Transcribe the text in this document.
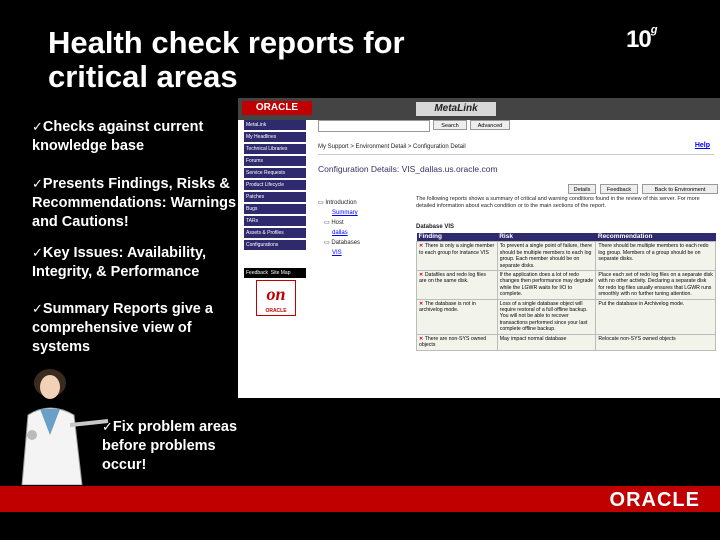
Health check reports for critical areas
10$^g$
✓Checks against current knowledge base
✓Presents Findings, Risks & Recommendations: Warnings and Cautions!
✓Key Issues: Availability, Integrity, & Performance
✓Summary Reports give a comprehensive view of systems
✓Fix problem areas before problems occur!
ORACLE	MetaLink
MetaLink
My Headlines
Technical Libraries
Forums
Service Requests
Product Lifecycle
Patches
Bugs
TARs
Assets & Profiles
Configurations
Feedback Site Map
on
ORACLE
Search	Advanced
My Support > Environment Detail > Configuration Detail	Help
Configuration Details: VIS_dallas.us.oracle.com
Details	Feedback	Back to Environment
▭ Introduction
Summary
▭ Host
dallas
▭ Databases
VIS
The following reports shows a summary of critical and warning conditions found in the review of this server. For more detailed information about each condition or to the main sections of the report.
Database VIS
Finding	Risk	Recommendation
✕ There is only a single member to each group for instance VIS	To prevent a single point of failure, there should be multiple members to each log group. Each member should be on separate disks.	There should be multiple members to each redo log group. Members of a group should be on separate disks.
✕ Datafiles and redo log files are on the same disk.	If the application does a lot of redo changes then performance may degrade while the LGWR waits for I/O to complete.	Place each set of redo log files on a separate disk with no other activity. Declaring a separate disk for redo log files usually ensures that LGWR runs smoothly with no further tuning attention.
✕ The database is not in archivelog mode.	Loss of a single database object will require restoral of a full offline backup. You will not be able to recover transactions performed since your last complete offline backup.	Put the database in Archivelog mode.
✕ There are non-SYS owned objects	May impact normal database	Relocate non-SYS owned objects
ORACLE
